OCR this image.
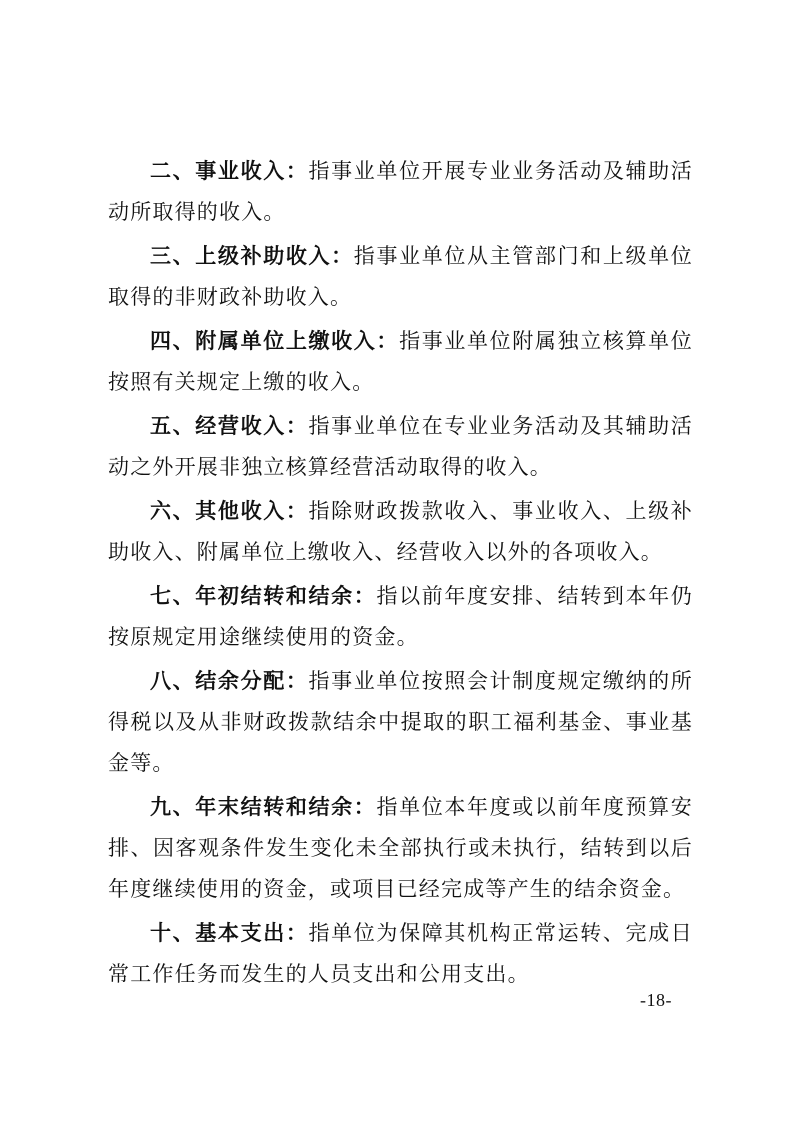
二、事业收入：指事业单位开展专业业务活动及辅助活动所取得的收入。

三、上级补助收入：指事业单位从主管部门和上级单位取得的非财政补助收入。

四、附属单位上缴收入：指事业单位附属独立核算单位按照有关规定上缴的收入。

五、经营收入：指事业单位在专业业务活动及其辅助活动之外开展非独立核算经营活动取得的收入。

六、其他收入：指除财政拨款收入、事业收入、上级补助收入、附属单位上缴收入、经营收入以外的各项收入。

七、年初结转和结余：指以前年度安排、结转到本年仍按原规定用途继续使用的资金。

八、结余分配：指事业单位按照会计制度规定缴纳的所得税以及从非财政拨款结余中提取的职工福利基金、事业基金等。

九、年末结转和结余：指单位本年度或以前年度预算安排、因客观条件发生变化未全部执行或未执行，结转到以后年度继续使用的资金，或项目已经完成等产生的结余资金。

十、基本支出：指单位为保障其机构正常运转、完成日常工作任务而发生的人员支出和公用支出。

-18-
